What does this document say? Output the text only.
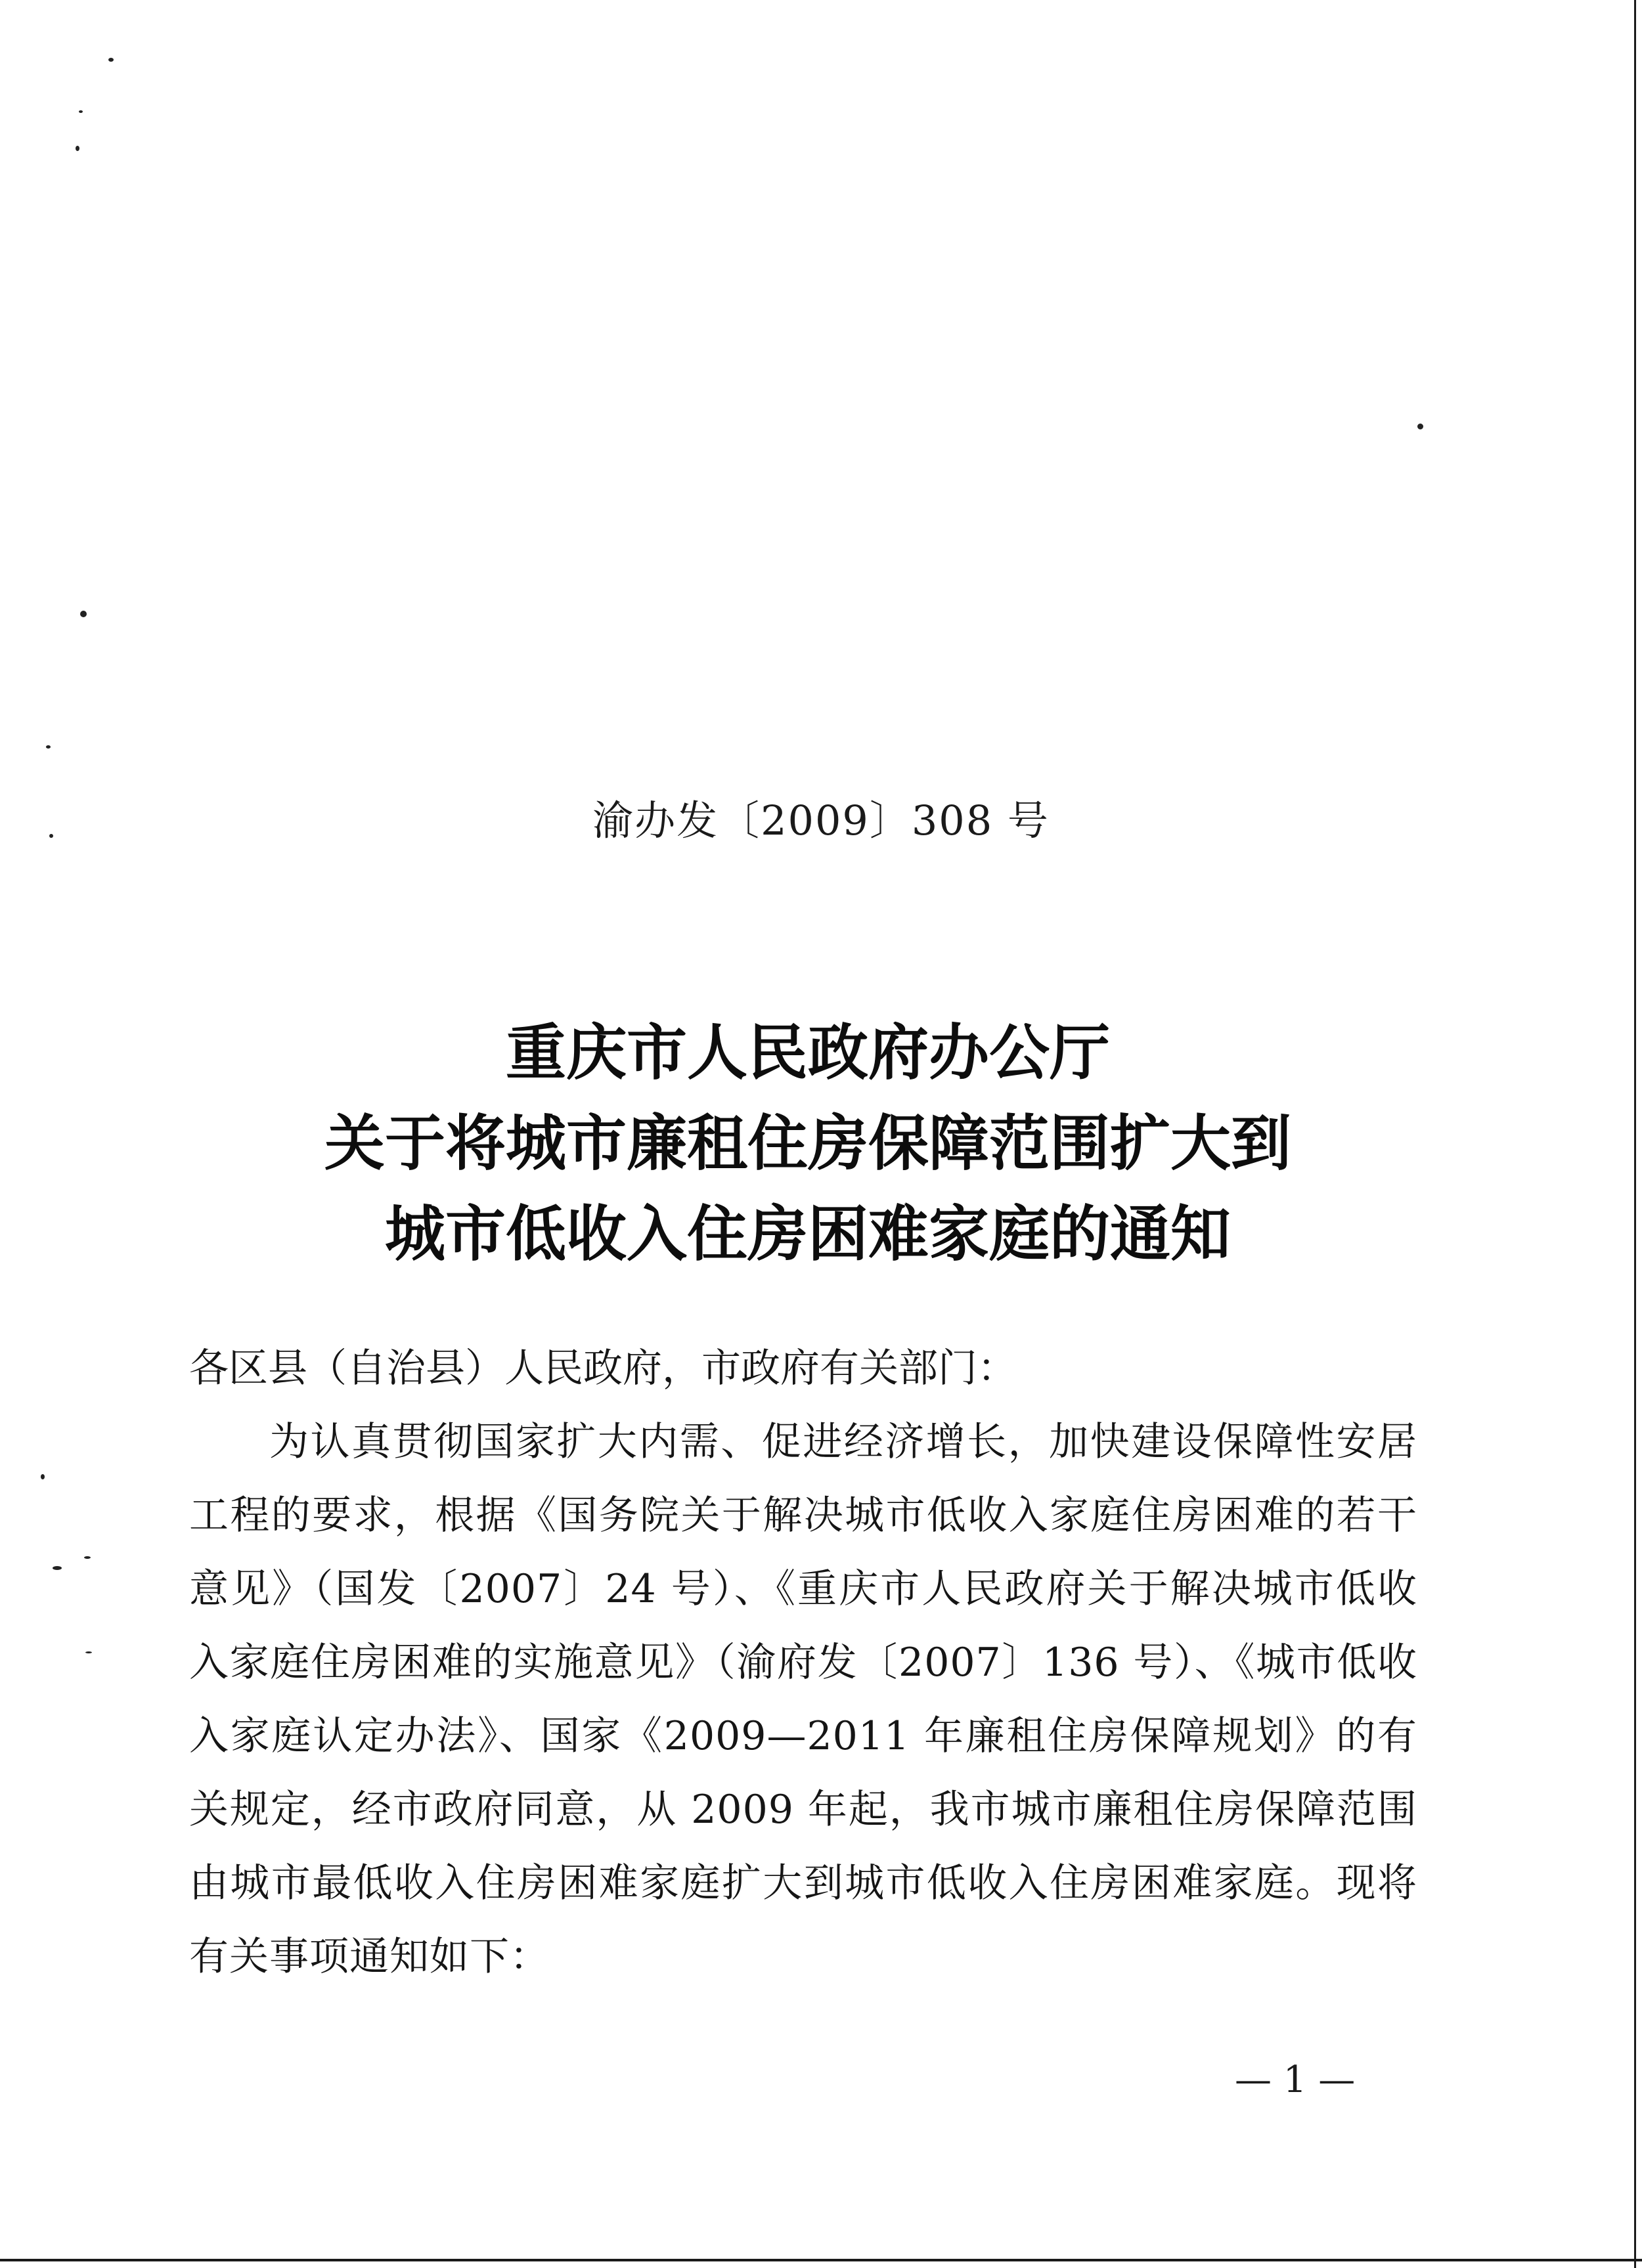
渝办发〔2009〕308 号
重庆市人民政府办公厅
关于将城市廉租住房保障范围扩大到
城市低收入住房困难家庭的通知

各区县（自治县）人民政府，市政府有关部门：

为认真贯彻国家扩大内需、促进经济增长，加快建设保障性安居工程的要求，根据《国务院关于解决城市低收入家庭住房困难的若干意见》（国发〔2007〕24 号）、《重庆市人民政府关于解决城市低收入家庭住房困难的实施意见》（渝府发〔2007〕136 号）、《城市低收入家庭认定办法》、国家《2009—2011 年廉租住房保障规划》的有关规定，经市政府同意，从 2009 年起，我市城市廉租住房保障范围由城市最低收入住房困难家庭扩大到城市低收入住房困难家庭。现将有关事项通知如下：

— 1 —
